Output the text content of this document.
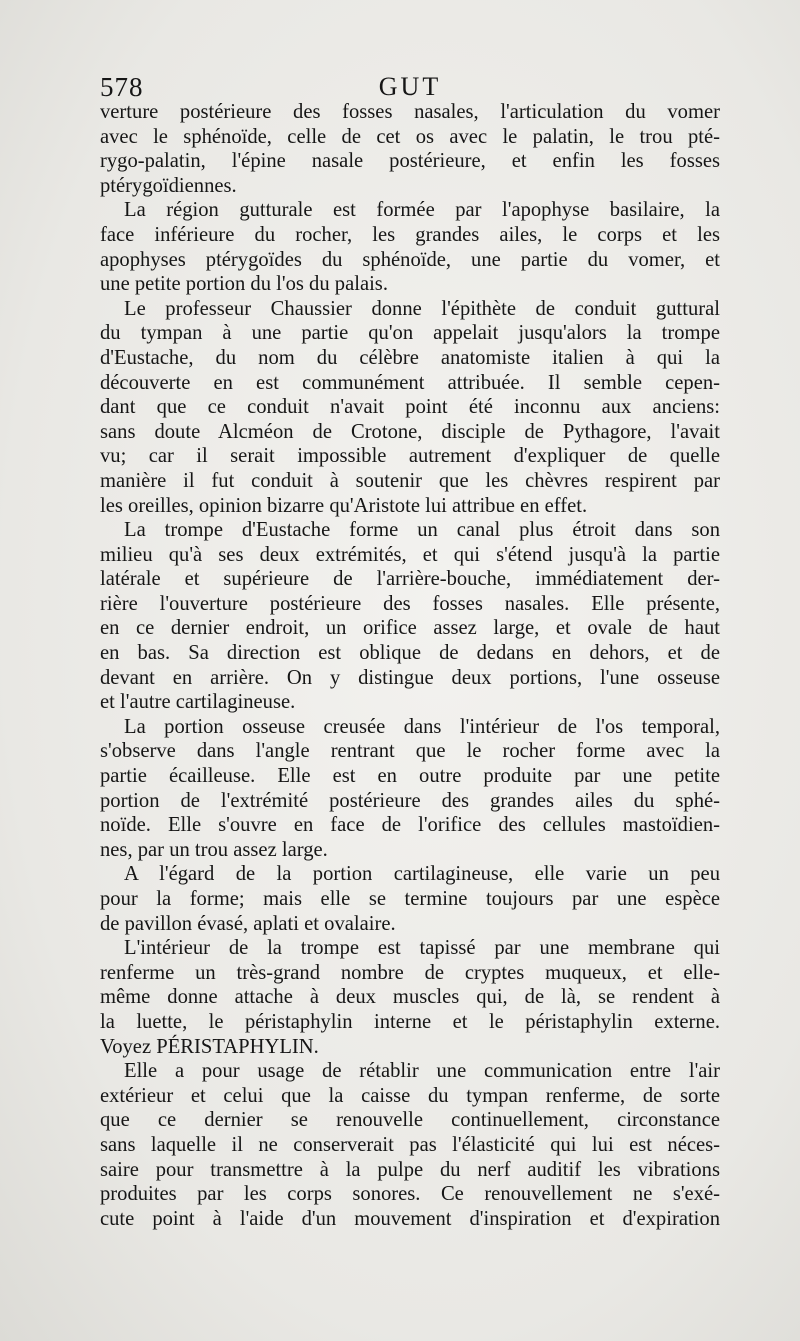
578	GUT

verture postérieure des fosses nasales, l'articulation du vomer

avec le sphénoïde, celle de cet os avec le palatin, le trou pté-

rygo-palatin, l'épine nasale postérieure, et enfin les fosses

ptérygoïdiennes.

La région gutturale est formée par l'apophyse basilaire, la

face inférieure du rocher, les grandes ailes, le corps et les

apophyses ptérygoïdes du sphénoïde, une partie du vomer, et

une petite portion du l'os du palais.

Le professeur Chaussier donne l'épithète de conduit guttural

du tympan à une partie qu'on appelait jusqu'alors la trompe

d'Eustache, du nom du célèbre anatomiste italien à qui la

découverte en est communément attribuée. Il semble cepen-

dant que ce conduit n'avait point été inconnu aux anciens:

sans doute Alcméon de Crotone, disciple de Pythagore, l'avait

vu; car il serait impossible autrement d'expliquer de quelle

manière il fut conduit à soutenir que les chèvres respirent par

les oreilles, opinion bizarre qu'Aristote lui attribue en effet.

La trompe d'Eustache forme un canal plus étroit dans son

milieu qu'à ses deux extrémités, et qui s'étend jusqu'à la partie

latérale et supérieure de l'arrière-bouche, immédiatement der-

rière l'ouverture postérieure des fosses nasales. Elle présente,

en ce dernier endroit, un orifice assez large, et ovale de haut

en bas. Sa direction est oblique de dedans en dehors, et de

devant en arrière. On y distingue deux portions, l'une osseuse

et l'autre cartilagineuse.

La portion osseuse creusée dans l'intérieur de l'os temporal,

s'observe dans l'angle rentrant que le rocher forme avec la

partie écailleuse. Elle est en outre produite par une petite

portion de l'extrémité postérieure des grandes ailes du sphé-

noïde. Elle s'ouvre en face de l'orifice des cellules mastoïdien-

nes, par un trou assez large.

A l'égard de la portion cartilagineuse, elle varie un peu

pour la forme; mais elle se termine toujours par une espèce

de pavillon évasé, aplati et ovalaire.

L'intérieur de la trompe est tapissé par une membrane qui

renferme un très-grand nombre de cryptes muqueux, et elle-

même donne attache à deux muscles qui, de là, se rendent à

la luette, le péristaphylin interne et le péristaphylin externe.

Voyez PÉRISTAPHYLIN.

Elle a pour usage de rétablir une communication entre l'air

extérieur et celui que la caisse du tympan renferme, de sorte

que ce dernier se renouvelle continuellement, circonstance

sans laquelle il ne conserverait pas l'élasticité qui lui est néces-

saire pour transmettre à la pulpe du nerf auditif les vibrations

produites par les corps sonores. Ce renouvellement ne s'exé-

cute point à l'aide d'un mouvement d'inspiration et d'expiration
